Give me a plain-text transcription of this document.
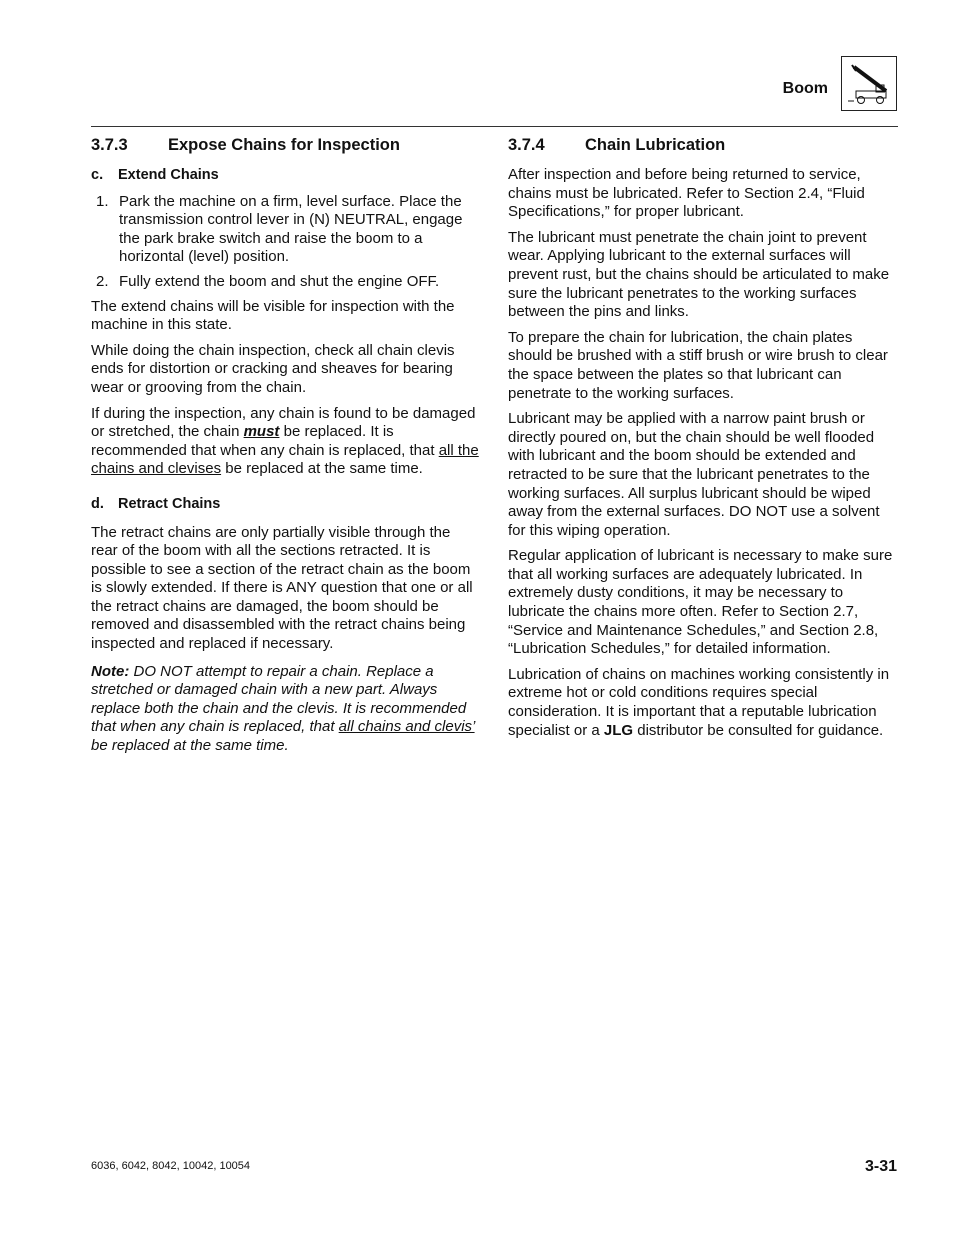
Boom
3.7.3 Expose Chains for Inspection
c. Extend Chains
1. Park the machine on a firm, level surface. Place the transmission control lever in (N) NEUTRAL, engage the park brake switch and raise the boom to a horizontal (level) position.
2. Fully extend the boom and shut the engine OFF.

The extend chains will be visible for inspection with the machine in this state.

While doing the chain inspection, check all chain clevis ends for distortion or cracking and sheaves for bearing wear or grooving from the chain.

If during the inspection, any chain is found to be damaged or stretched, the chain must be replaced. It is recommended that when any chain is replaced, that all the chains and clevises be replaced at the same time.

d. Retract Chains

The retract chains are only partially visible through the rear of the boom with all the sections retracted. It is possible to see a section of the retract chain as the boom is slowly extended. If there is ANY question that one or all the retract chains are damaged, the boom should be removed and disassembled with the retract chains being inspected and replaced if necessary.

Note: DO NOT attempt to repair a chain. Replace a stretched or damaged chain with a new part. Always replace both the chain and the clevis. It is recommended that when any chain is replaced, that all chains and clevis’ be replaced at the same time.

3.7.4 Chain Lubrication

After inspection and before being returned to service, chains must be lubricated. Refer to Section 2.4, “Fluid Specifications,” for proper lubricant.

The lubricant must penetrate the chain joint to prevent wear. Applying lubricant to the external surfaces will prevent rust, but the chains should be articulated to make sure the lubricant penetrates to the working surfaces between the pins and links.

To prepare the chain for lubrication, the chain plates should be brushed with a stiff brush or wire brush to clear the space between the plates so that lubricant can penetrate to the working surfaces.

Lubricant may be applied with a narrow paint brush or directly poured on, but the chain should be well flooded with lubricant and the boom should be extended and retracted to be sure that the lubricant penetrates to the working surfaces. All surplus lubricant should be wiped away from the external surfaces. DO NOT use a solvent for this wiping operation.

Regular application of lubricant is necessary to make sure that all working surfaces are adequately lubricated. In extremely dusty conditions, it may be necessary to lubricate the chains more often. Refer to Section 2.7, “Service and Maintenance Schedules,” and Section 2.8, “Lubrication Schedules,” for detailed information.

Lubrication of chains on machines working consistently in extreme hot or cold conditions requires special consideration. It is important that a reputable lubrication specialist or a JLG distributor be consulted for guidance.

6036, 6042, 8042, 10042, 10054	3-31
